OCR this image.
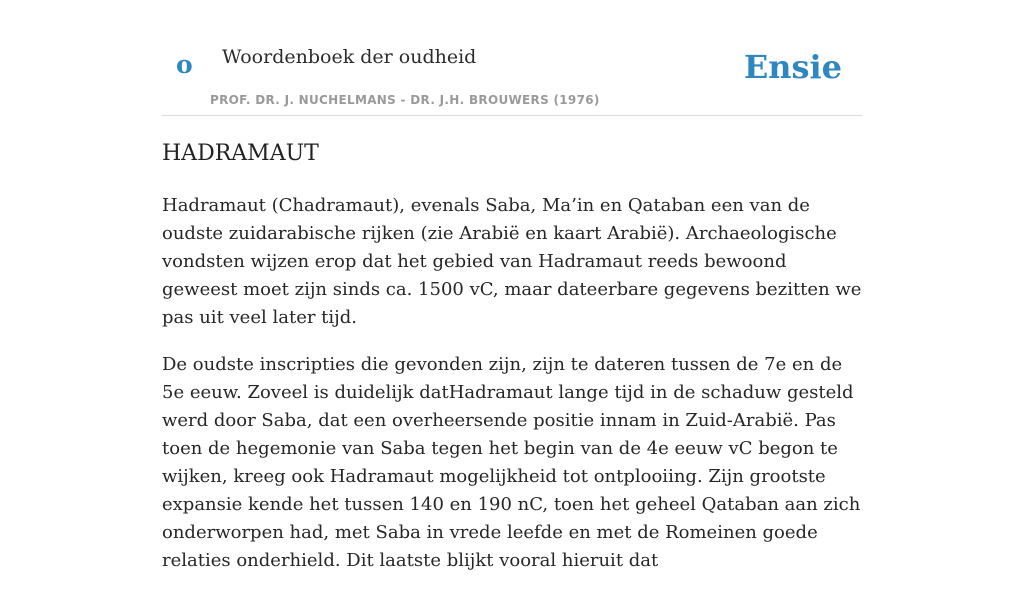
o Woordenboek der oudheid
PROF. DR. J. NUCHELMANS - DR. J.H. BROUWERS (1976)
Ensie
HADRAMAUT

Hadramaut (Chadramaut), evenals Saba, Ma’in en Qataban een van de oudste zuidarabische rijken (zie Arabië en kaart Arabië). Archaeologische vondsten wijzen erop dat het gebied van Hadramaut reeds bewoond geweest moet zijn sinds ca. 1500 vC, maar dateerbare gegevens bezitten we pas uit veel later tijd.

De oudste inscripties die gevonden zijn, zijn te dateren tussen de 7e en de 5e eeuw. Zoveel is duidelijk datHadramaut lange tijd in de schaduw gesteld werd door Saba, dat een overheersende positie innam in Zuid-Arabië. Pas toen de hegemonie van Saba tegen het begin van de 4e eeuw vC begon te wijken, kreeg ook Hadramaut mogelijkheid tot ontplooiing. Zijn grootste expansie kende het tussen 140 en 190 nC, toen het geheel Qataban aan zich onderworpen had, met Saba in vrede leefde en met de Romeinen goede relaties onderhield. Dit laatste blijkt vooral hieruit dat
